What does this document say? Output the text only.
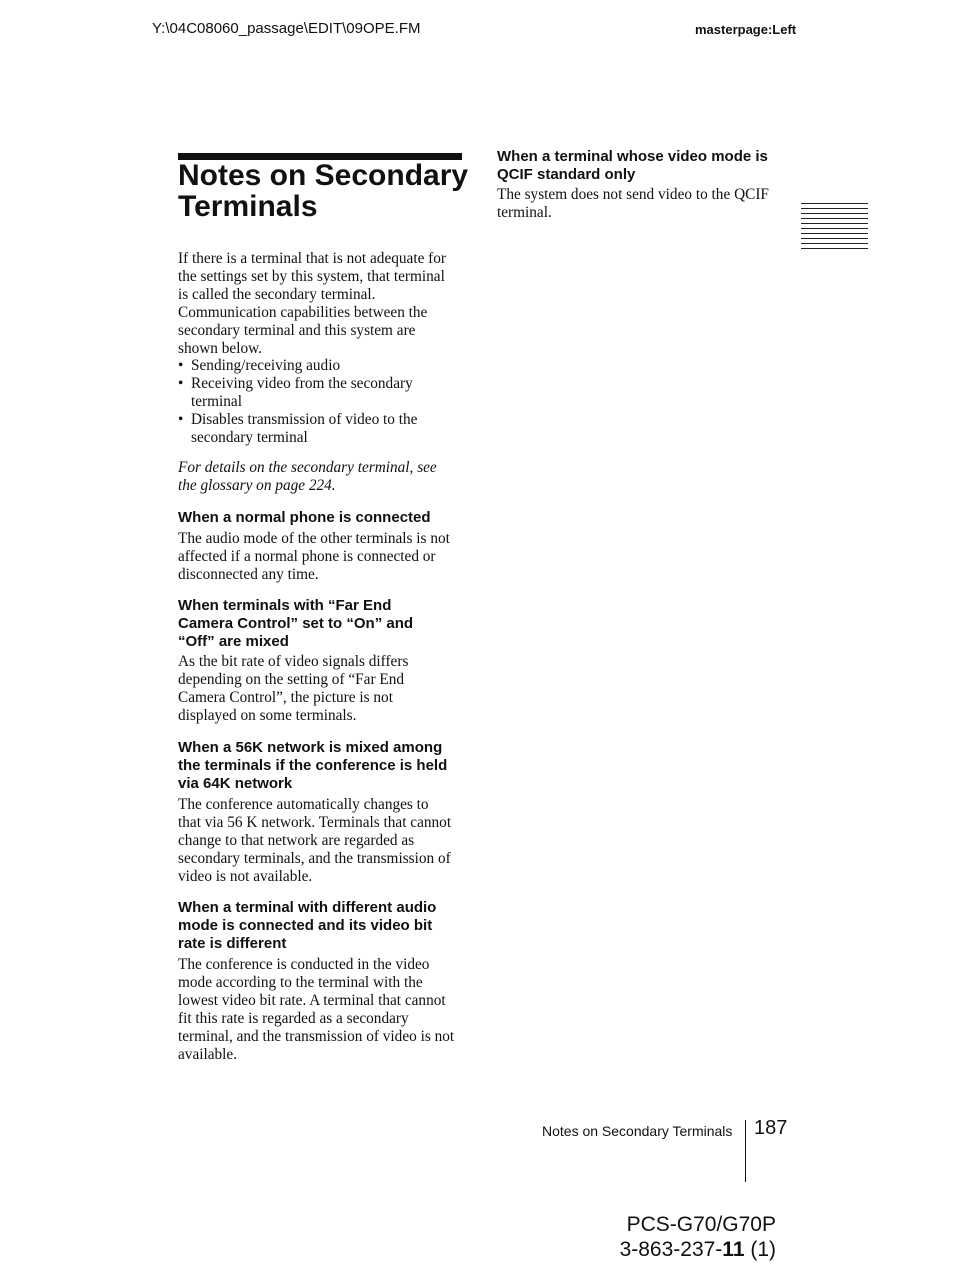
Y:\04C08060_passage\EDIT\09OPE.FM	masterpage:Left
Notes on Secondary
Terminals
If there is a terminal that is not adequate for
the settings set by this system, that terminal
is called the secondary terminal.
Communication capabilities between the
secondary terminal and this system are
shown below.
• Sending/receiving audio
• Receiving video from the secondary
terminal
• Disables transmission of video to the
secondary terminal
For details on the secondary terminal, see
the glossary on page 224.
When a normal phone is connected
The audio mode of the other terminals is not
affected if a normal phone is connected or
disconnected any time.
When terminals with “Far End
Camera Control” set to “On” and
“Off” are mixed
As the bit rate of video signals differs
depending on the setting of “Far End
Camera Control”, the picture is not
displayed on some terminals.
When a 56K network is mixed among
the terminals if the conference is held
via 64K network
The conference automatically changes to
that via 56 K network. Terminals that cannot
change to that network are regarded as
secondary terminals, and the transmission of
video is not available.
When a terminal with different audio
mode is connected and its video bit
rate is different
The conference is conducted in the video
mode according to the terminal with the
lowest video bit rate. A terminal that cannot
fit this rate is regarded as a secondary
terminal, and the transmission of video is not
available.
When a terminal whose video mode is
QCIF standard only
The system does not send video to the QCIF
terminal.
Notes on Secondary Terminals 187
PCS-G70/G70P
3-863-237-11 (1)
